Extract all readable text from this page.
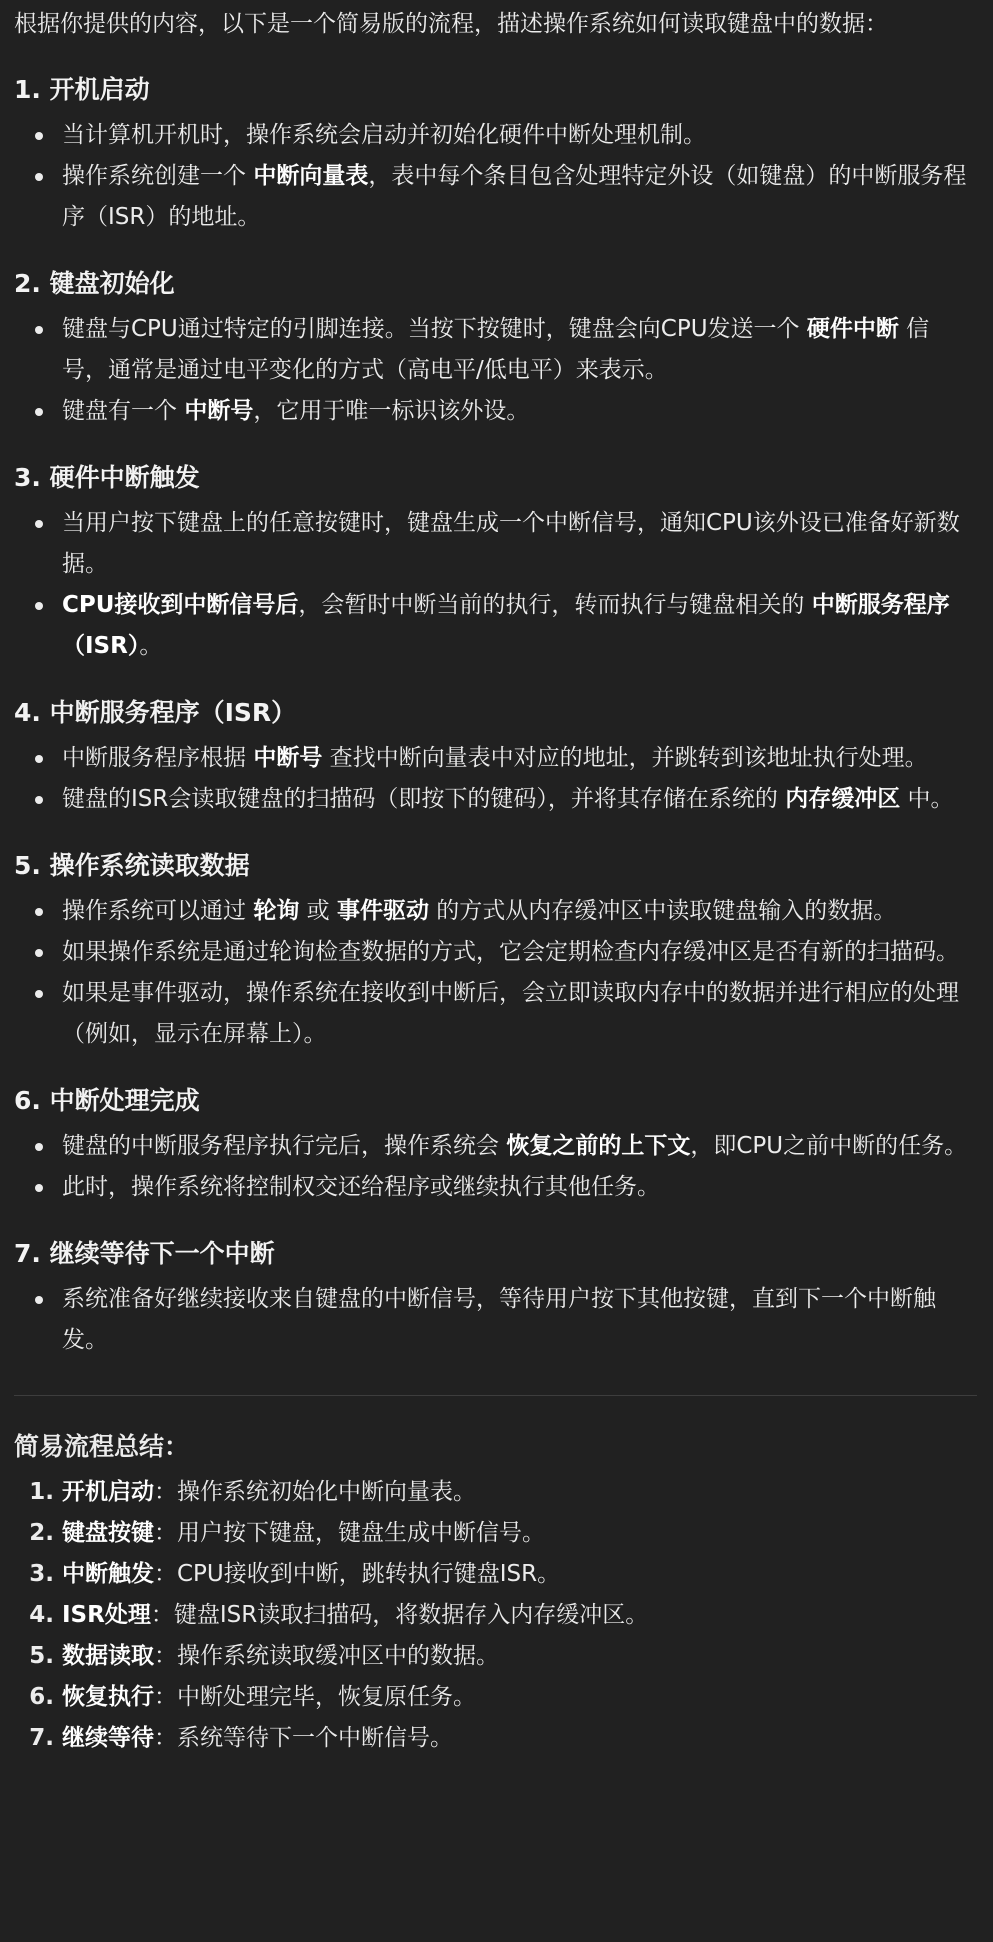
根据你提供的内容，以下是一个简易版的流程，描述操作系统如何读取键盘中的数据：

1. 开机启动
当计算机开机时，操作系统会启动并初始化硬件中断处理机制。
操作系统创建一个 中断向量表，表中每个条目包含处理特定外设（如键盘）的中断服务程序（ISR）的地址。
2. 键盘初始化
键盘与CPU通过特定的引脚连接。当按下按键时，键盘会向CPU发送一个 硬件中断 信号，通常是通过电平变化的方式（高电平/低电平）来表示。
键盘有一个 中断号，它用于唯一标识该外设。
3. 硬件中断触发
当用户按下键盘上的任意按键时，键盘生成一个中断信号，通知CPU该外设已准备好新数据。
CPU接收到中断信号后，会暂时中断当前的执行，转而执行与键盘相关的 中断服务程序（ISR）。
4. 中断服务程序（ISR）
中断服务程序根据 中断号 查找中断向量表中对应的地址，并跳转到该地址执行处理。
键盘的ISR会读取键盘的扫描码（即按下的键码），并将其存储在系统的 内存缓冲区 中。
5. 操作系统读取数据
操作系统可以通过 轮询 或 事件驱动 的方式从内存缓冲区中读取键盘输入的数据。
如果操作系统是通过轮询检查数据的方式，它会定期检查内存缓冲区是否有新的扫描码。
如果是事件驱动，操作系统在接收到中断后，会立即读取内存中的数据并进行相应的处理（例如，显示在屏幕上）。
6. 中断处理完成
键盘的中断服务程序执行完后，操作系统会 恢复之前的上下文，即CPU之前中断的任务。
此时，操作系统将控制权交还给程序或继续执行其他任务。
7. 继续等待下一个中断
系统准备好继续接收来自键盘的中断信号，等待用户按下其他按键，直到下一个中断触发。
简易流程总结：
1. 开机启动：操作系统初始化中断向量表。
2. 键盘按键：用户按下键盘，键盘生成中断信号。
3. 中断触发：CPU接收到中断，跳转执行键盘ISR。
4. ISR处理：键盘ISR读取扫描码，将数据存入内存缓冲区。
5. 数据读取：操作系统读取缓冲区中的数据。
6. 恢复执行：中断处理完毕，恢复原任务。
7. 继续等待：系统等待下一个中断信号。
